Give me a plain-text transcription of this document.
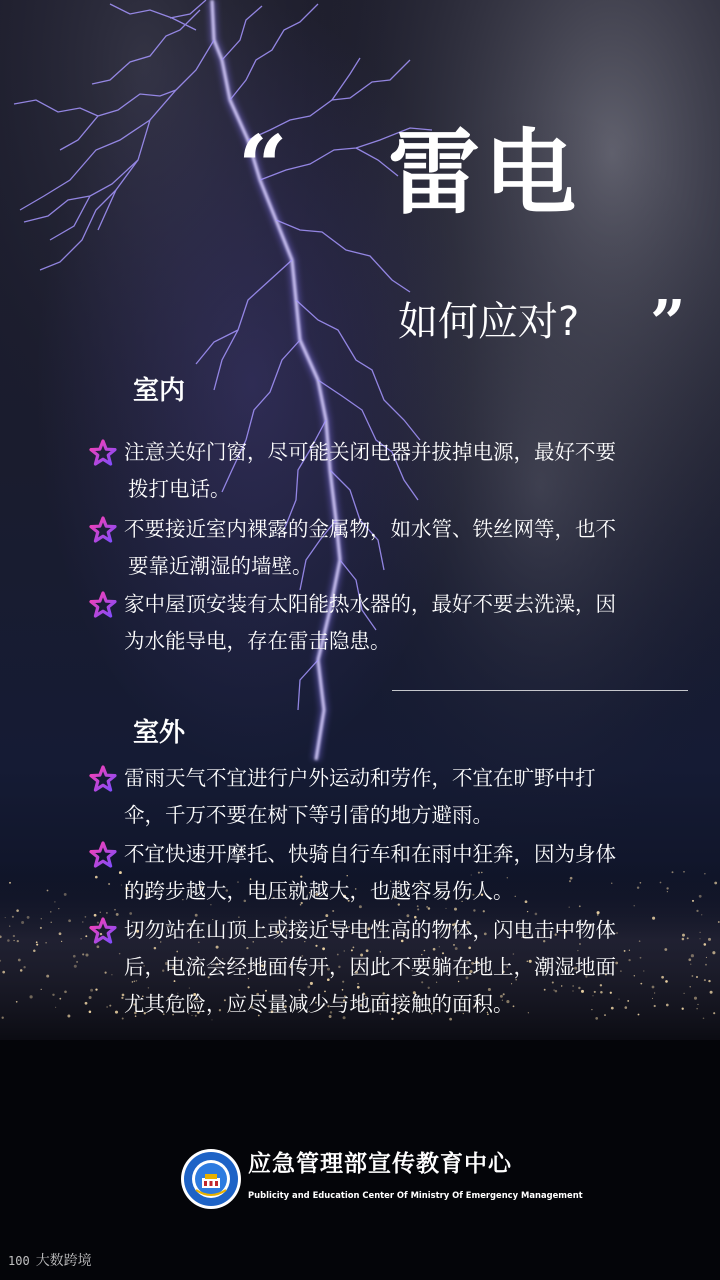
“ 雷电
如何应对? ”
室内
注意关好门窗，尽可能关闭电器并拔掉电源，最好不要
拨打电话。
不要接近室内裸露的金属物，如水管、铁丝网等，也不
要靠近潮湿的墙壁。
家中屋顶安装有太阳能热水器的，最好不要去洗澡，因
为水能导电，存在雷击隐患。
室外
雷雨天气不宜进行户外运动和劳作，不宜在旷野中打
伞，千万不要在树下等引雷的地方避雨。
不宜快速开摩托、快骑自行车和在雨中狂奔，因为身体
的跨步越大，电压就越大，也越容易伤人。
切勿站在山顶上或接近导电性高的物体，闪电击中物体
后，电流会经地面传开，因此不要躺在地上，潮湿地面
尤其危险，应尽量减少与地面接触的面积。
应急管理部宣传教育中心
Publicity and Education Center Of Ministry Of Emergency Management
100 大数跨境
